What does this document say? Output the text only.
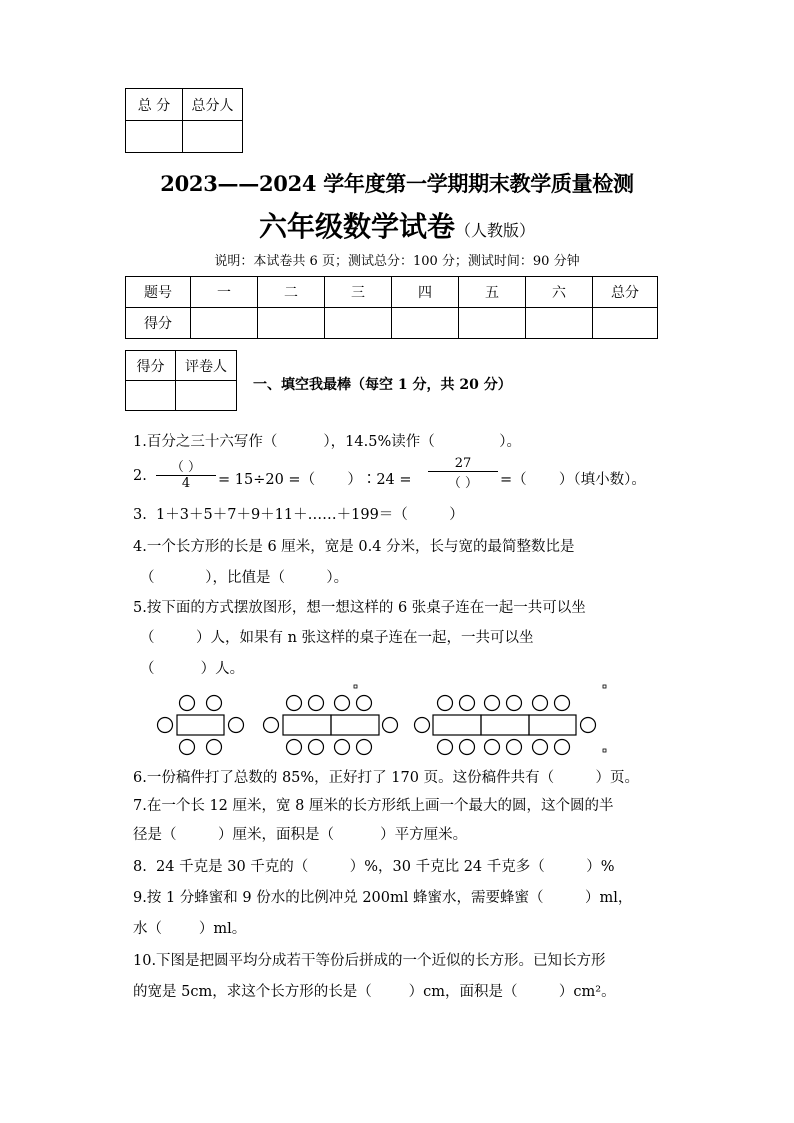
总 分	总分人

2023——2024 学年度第一学期期末教学质量检测
六年级数学试卷（人教版）
说明：本试卷共 6 页；测试总分：100 分；测试时间：90 分钟
题号	一	二	三	四	五	六	总分
得分							
得分	评卷人

一、填空我最棒（每空 1 分，共 20 分）
1.百分之三十六写作（          ），14.5%读作（              ）。
2.
（ ）
4	= 15÷20 =（       ）∶24 =
27
（ ）	=（       ）（填小数）。
3.  1＋3＋5＋7＋9＋11＋……＋199＝（         ）
4.一个长方形的长是 6 厘米，宽是 0.4 分米，长与宽的最简整数比是
（           ），比值是（         ）。
5.按下面的方式摆放图形，想一想这样的 6 张桌子连在一起一共可以坐
（         ）人，如果有 n 张这样的桌子连在一起，一共可以坐
（          ）人。
6.一份稿件打了总数的 85%，正好打了 170 页。这份稿件共有（         ）页。
7.在一个长 12 厘米，宽 8 厘米的长方形纸上画一个最大的圆，这个圆的半
径是（         ）厘米，面积是（          ）平方厘米。
8.  24 千克是 30 千克的（         ）%，30 千克比 24 千克多（         ）%
9.按 1 分蜂蜜和 9 份水的比例冲兑 200ml 蜂蜜水，需要蜂蜜（         ）ml，
水（        ）ml。
10.下图是把圆平均分成若干等份后拼成的一个近似的长方形。已知长方形
的宽是 5cm，求这个长方形的长是（        ）cm，面积是（         ）cm²。
